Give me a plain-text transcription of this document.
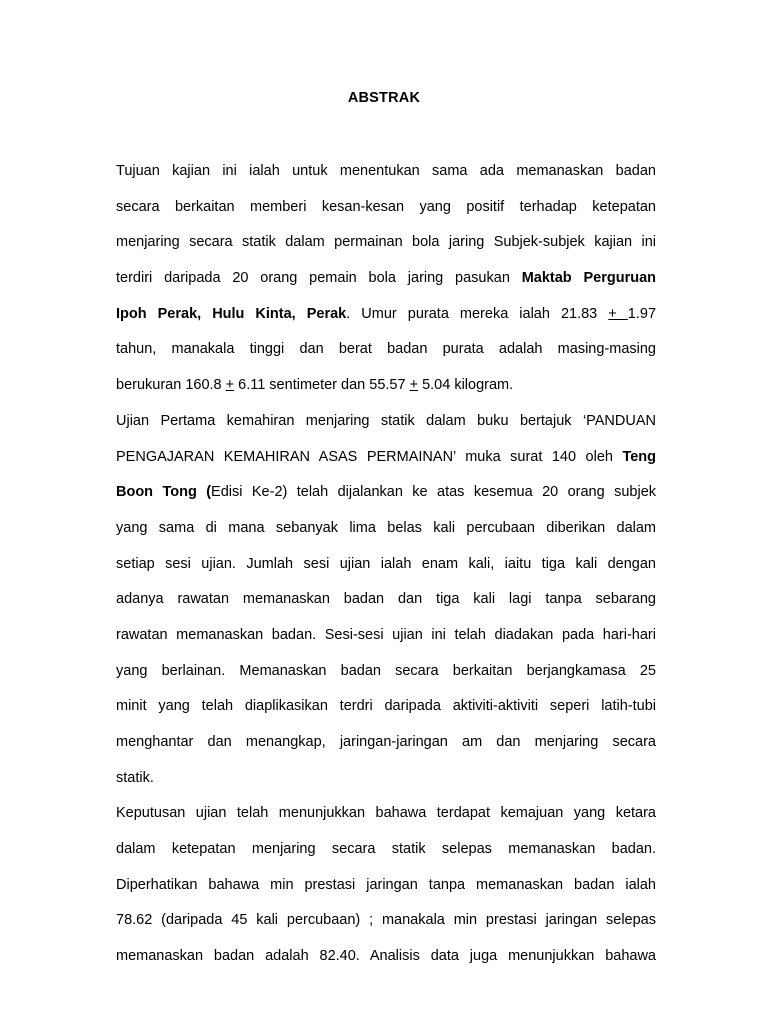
ABSTRAK
Tujuan kajian ini ialah untuk menentukan sama ada memanaskan badan
secara berkaitan memberi kesan-kesan yang positif terhadap ketepatan
menjaring secara statik dalam permainan bola jaring Subjek-subjek kajian ini
terdiri daripada 20 orang pemain bola jaring pasukan Maktab Perguruan
Ipoh Perak, Hulu Kinta, Perak. Umur purata mereka ialah 21.83 + 1.97
tahun, manakala tinggi dan berat badan purata adalah masing-masing
berukuran 160.8 + 6.11 sentimeter dan 55.57 + 5.04 kilogram.
Ujian Pertama kemahiran menjaring statik dalam buku bertajuk ‘PANDUAN
PENGAJARAN KEMAHIRAN ASAS PERMAINAN’ muka surat 140 oleh Teng
Boon Tong (Edisi Ke-2) telah dijalankan ke atas kesemua 20 orang subjek
yang sama di mana sebanyak lima belas kali percubaan diberikan dalam
setiap sesi ujian. Jumlah sesi ujian ialah enam kali, iaitu tiga kali dengan
adanya rawatan memanaskan badan dan tiga kali lagi tanpa sebarang
rawatan memanaskan badan. Sesi-sesi ujian ini telah diadakan pada hari-hari
yang berlainan. Memanaskan badan secara berkaitan berjangkamasa 25
minit yang telah diaplikasikan terdri daripada aktiviti-aktiviti seperi latih-tubi
menghantar dan menangkap, jaringan-jaringan am dan menjaring secara
statik.
Keputusan ujian telah menunjukkan bahawa terdapat kemajuan yang ketara
dalam ketepatan menjaring secara statik selepas memanaskan badan.
Diperhatikan bahawa min prestasi jaringan tanpa memanaskan badan ialah
78.62 (daripada 45 kali percubaan) ; manakala min prestasi jaringan selepas
memanaskan badan adalah 82.40. Analisis data juga menunjukkan bahawa
